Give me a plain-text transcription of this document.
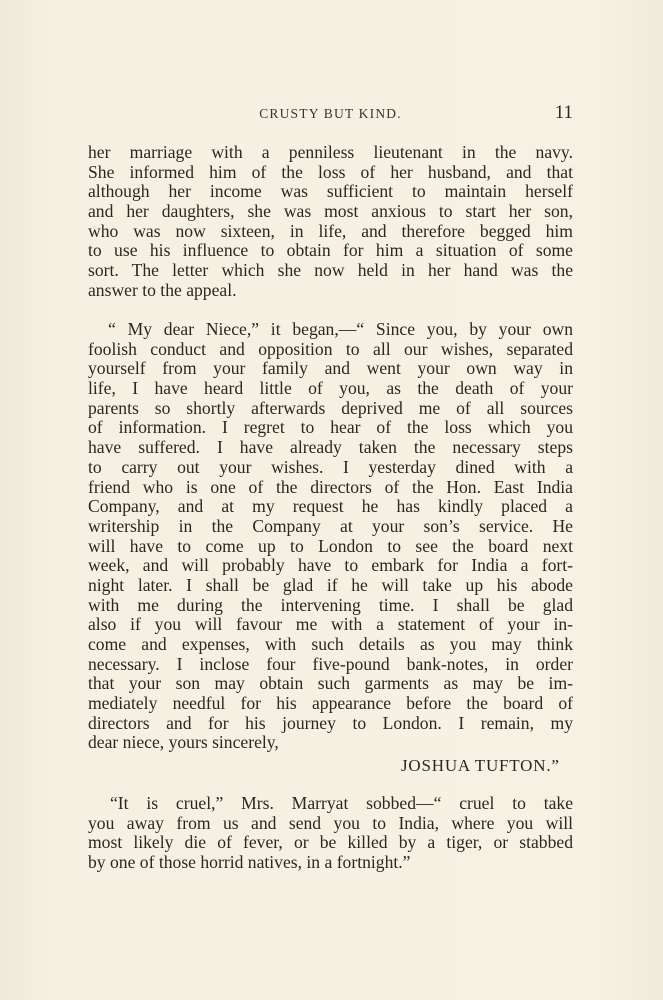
CRUSTY BUT KIND.	11
her marriage with a penniless lieutenant in the navy.
She informed him of the loss of her husband, and that
although her income was sufficient to maintain herself
and her daughters, she was most anxious to start her son,
who was now sixteen, in life, and therefore begged him
to use his influence to obtain for him a situation of some
sort. The letter which she now held in her hand was the
answer to the appeal.
“ My dear Niece,” it began,—“ Since you, by your own
foolish conduct and opposition to all our wishes, separated
yourself from your family and went your own way in
life, I have heard little of you, as the death of your
parents so shortly afterwards deprived me of all sources
of information. I regret to hear of the loss which you
have suffered. I have already taken the necessary steps
to carry out your wishes. I yesterday dined with a
friend who is one of the directors of the Hon. East India
Company, and at my request he has kindly placed a
writership in the Company at your son’s service. He
will have to come up to London to see the board next
week, and will probably have to embark for India a fort-
night later. I shall be glad if he will take up his abode
with me during the intervening time. I shall be glad
also if you will favour me with a statement of your in-
come and expenses, with such details as you may think
necessary. I inclose four five-pound bank-notes, in order
that your son may obtain such garments as may be im-
mediately needful for his appearance before the board of
directors and for his journey to London. I remain, my
dear niece, yours sincerely,
JOSHUA TUFTON.”
“It is cruel,” Mrs. Marryat sobbed—“ cruel to take
you away from us and send you to India, where you will
most likely die of fever, or be killed by a tiger, or stabbed
by one of those horrid natives, in a fortnight.”
